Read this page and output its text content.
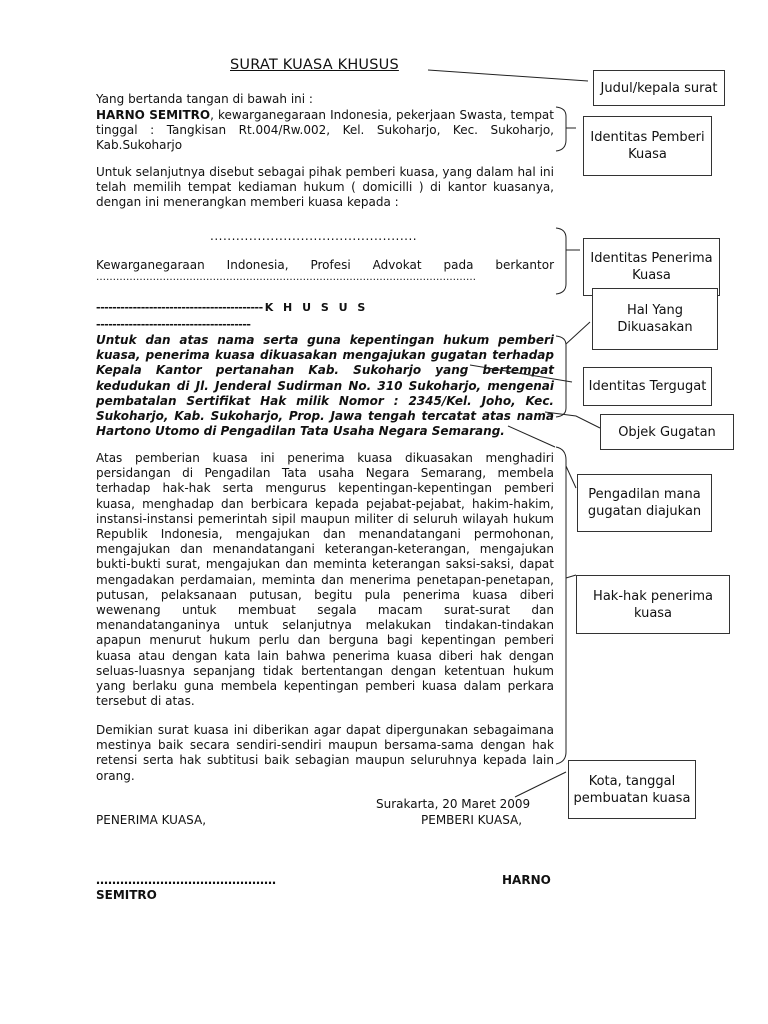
SURAT KUASA KHUSUS
Yang bertanda tangan di bawah ini :
HARNO SEMITRO, kewarganegaraan Indonesia, pekerjaan Swasta, tempat tinggal : Tangkisan Rt.004/Rw.002, Kel. Sukoharjo, Kec. Sukoharjo, Kab.Sukoharjo
Untuk selanjutnya disebut sebagai pihak pemberi kuasa, yang dalam hal ini telah memilih tempat kediaman hukum ( domicilli ) di kantor kuasanya, dengan ini menerangkan memberi kuasa kepada :
................................................
Kewarganegaraan Indonesia, Profesi Advokat pada berkantor
……………………………………………………………………………………………………
----------------------------------------- K H U S U S
--------------------------------------
Untuk dan atas nama serta guna kepentingan hukum pemberi kuasa, penerima kuasa dikuasakan mengajukan gugatan terhadap Kepala Kantor pertanahan Kab. Sukoharjo yang bertempat kedudukan di Jl. Jenderal Sudirman No. 310 Sukoharjo, mengenai pembatalan Sertifikat Hak milik Nomor : 2345/Kel. Joho, Kec. Sukoharjo, Kab. Sukoharjo, Prop. Jawa tengah tercatat atas nama Hartono Utomo di Pengadilan Tata Usaha Negara Semarang.
Atas pemberian kuasa ini penerima kuasa dikuasakan menghadiri persidangan di Pengadilan Tata usaha Negara Semarang, membela terhadap hak-hak serta mengurus kepentingan-kepentingan pemberi kuasa, menghadap dan berbicara kepada pejabat-pejabat, hakim-hakim, instansi-instansi pemerintah sipil maupun militer di seluruh wilayah hukum Republik Indonesia, mengajukan dan menandatangani permohonan, mengajukan dan menandatangani keterangan-keterangan, mengajukan bukti-bukti surat, mengajukan dan meminta keterangan saksi-saksi, dapat mengadakan perdamaian, meminta dan menerima penetapan-penetapan, putusan, pelaksanaan putusan, begitu pula penerima kuasa diberi wewenang untuk membuat segala macam surat-surat dan menandatanganinya untuk selanjutnya melakukan tindakan-tindakan apapun menurut hukum perlu dan berguna bagi kepentingan pemberi kuasa atau dengan kata lain bahwa penerima kuasa diberi hak dengan seluas-luasnya sepanjang tidak bertentangan dengan ketentuan hukum yang berlaku guna membela kepentingan pemberi kuasa dalam perkara tersebut di atas.
Demikian surat kuasa ini diberikan agar dapat dipergunakan sebagaimana mestinya baik secara sendiri-sendiri maupun bersama-sama dengan hak retensi serta hak subtitusi baik sebagian maupun seluruhnya kepada lain orang.
Surakarta, 20 Maret 2009
PENERIMA KUASA,	PEMBERI KUASA,
………………………………………	HARNO
SEMITRO
Judul/kepala surat
Identitas Pemberi Kuasa
Identitas Penerima Kuasa
Hal Yang Dikuasakan
Identitas Tergugat
Objek Gugatan
Pengadilan mana gugatan diajukan
Hak-hak penerima kuasa
Kota, tanggal pembuatan kuasa
